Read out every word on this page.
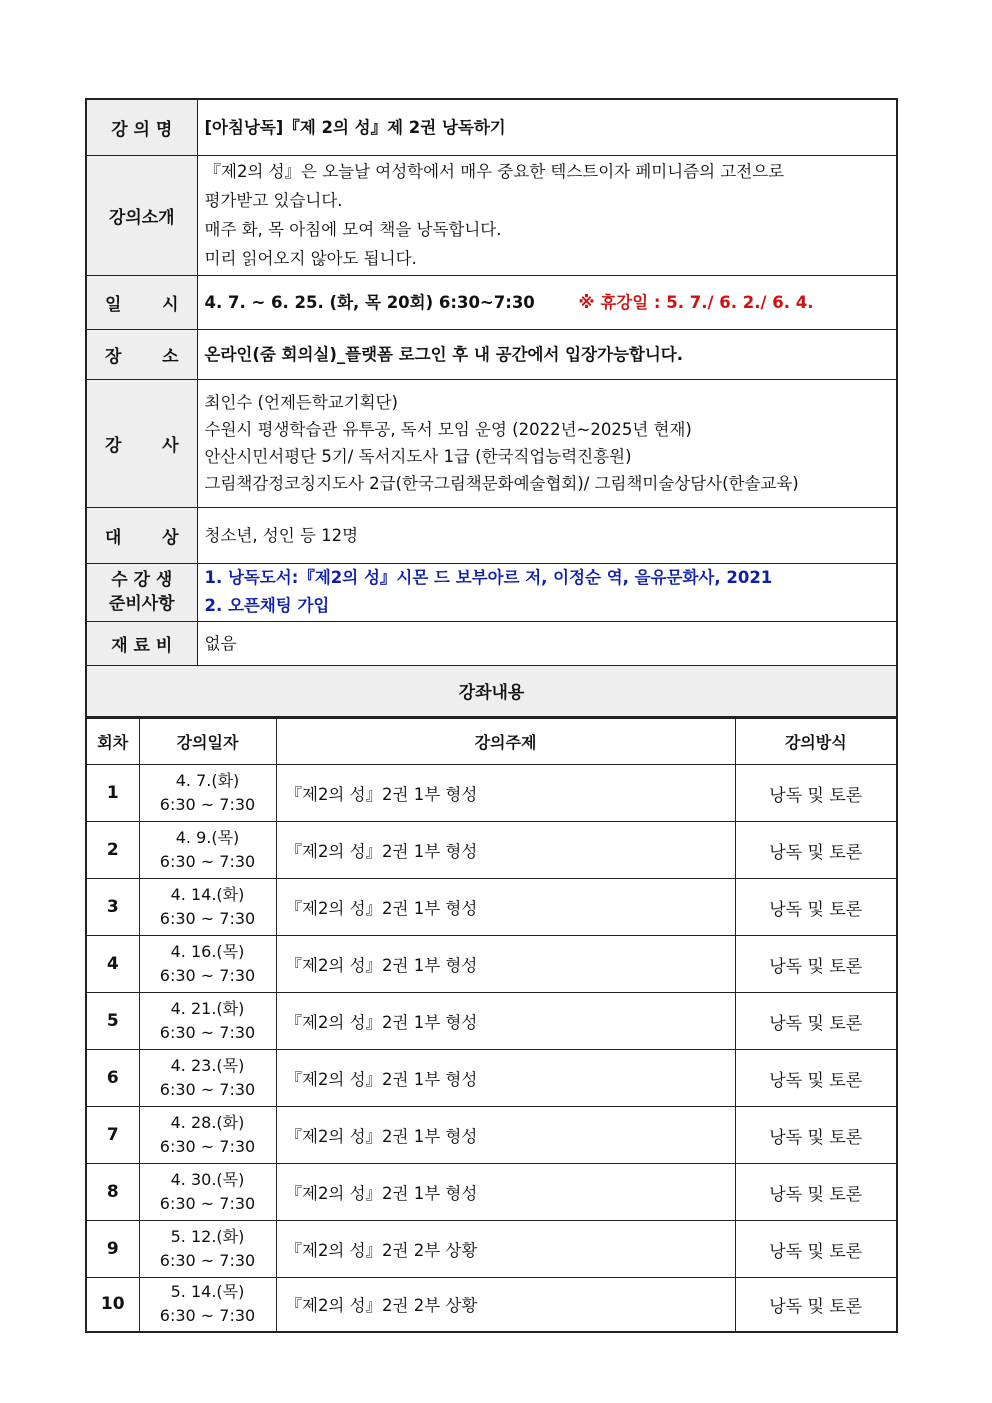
강 의 명	[아침낭독]『제 2의 성』제 2권 낭독하기
강의소개	『제2의 성』은 오늘날 여성학에서 매우 중요한 텍스트이자 페미니즘의 고전으로
평가받고 있습니다.
매주 화, 목 아침에 모여 책을 낭독합니다.
미리 읽어오지 않아도 됩니다.

일 시	4. 7. ~ 6. 25. (화, 목 20회) 6:30~7:30 ※ 휴강일 : 5. 7./ 6. 2./ 6. 4.
장 소	온라인(줌 회의실)_플랫폼 로그인 후 내 공간에서 입장가능합니다.
강 사	최인수 (언제든학교기획단)
수원시 평생학습관 유투공, 독서 모임 운영 (2022년~2025년 현재)
안산시민서평단 5기/ 독서지도사 1급 (한국직업능력진흥원)
그림책감정코칭지도사 2급(한국그림책문화예술협회)/ 그림책미술상담사(한솔교육)

대 상	청소년, 성인 등 12명

수 강 생
준비사항	1. 낭독도서:『제2의 성』시몬 드 보부아르 저, 이정순 역, 을유문화사, 2021
2. 오픈채팅 가입

재 료 비	없음
강좌내용	
회차	강의일자	강의주제	강의방식
1	4. 7.(화)
6:30 ~ 7:30	『제2의 성』2권 1부 형성	낭독 및 토론
2	4. 9.(목)
6:30 ~ 7:30	『제2의 성』2권 1부 형성	낭독 및 토론
3	4. 14.(화)
6:30 ~ 7:30	『제2의 성』2권 1부 형성	낭독 및 토론
4	4. 16.(목)
6:30 ~ 7:30	『제2의 성』2권 1부 형성	낭독 및 토론
5	4. 21.(화)
6:30 ~ 7:30	『제2의 성』2권 1부 형성	낭독 및 토론
6	4. 23.(목)
6:30 ~ 7:30	『제2의 성』2권 1부 형성	낭독 및 토론
7	4. 28.(화)
6:30 ~ 7:30	『제2의 성』2권 1부 형성	낭독 및 토론
8	4. 30.(목)
6:30 ~ 7:30	『제2의 성』2권 1부 형성	낭독 및 토론
9	5. 12.(화)
6:30 ~ 7:30	『제2의 성』2권 2부 상황	낭독 및 토론
10	5. 14.(목)
6:30 ~ 7:30	『제2의 성』2권 2부 상황	낭독 및 토론
